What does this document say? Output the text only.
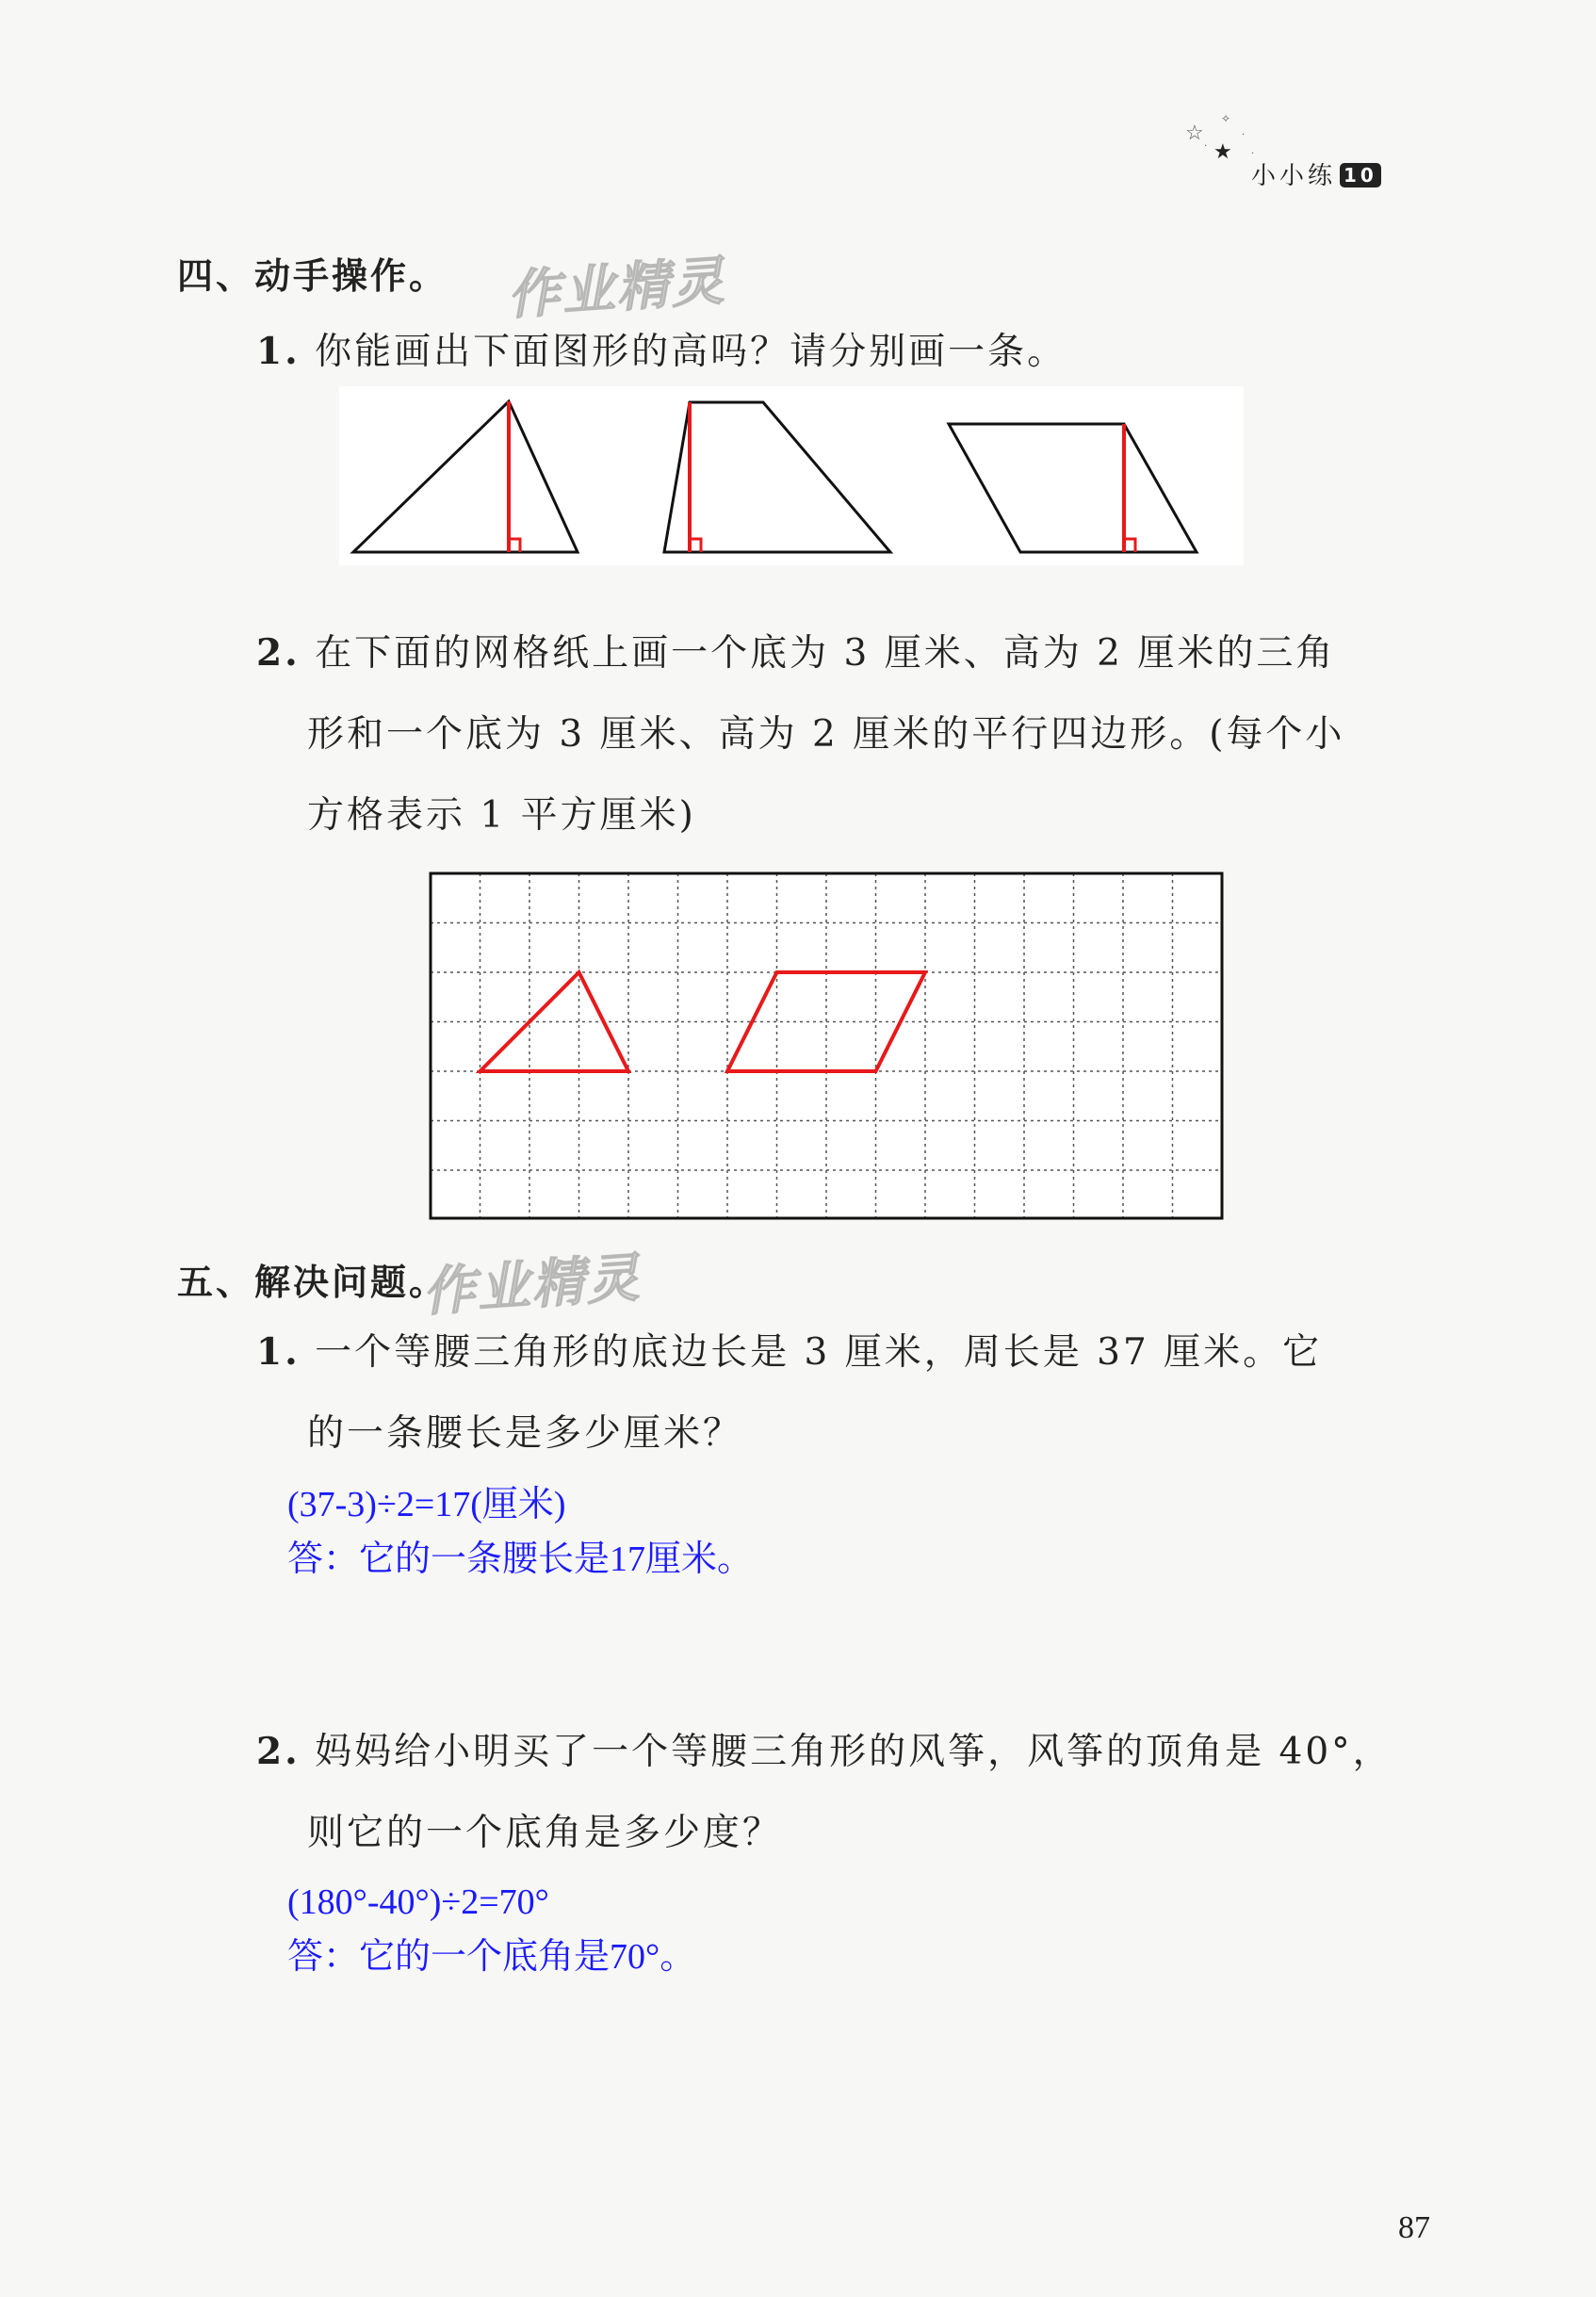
☆
✧
·
★
·
·
小小练 10
四、动手操作。 作业精灵
1. 你能画出下面图形的高吗？请分别画一条。
2. 在下面的网格纸上画一个底为 3 厘米、高为 2 厘米的三角
形和一个底为 3 厘米、高为 2 厘米的平行四边形。(每个小
方格表示 1 平方厘米)
五、解决问题。
作业精灵
1. 一个等腰三角形的底边长是 3 厘米，周长是 37 厘米。它
的一条腰长是多少厘米？
(37-3)÷2=17(厘米)
答：它的一条腰长是17厘米。
2. 妈妈给小明买了一个等腰三角形的风筝，风筝的顶角是 40°，
则它的一个底角是多少度？
(180°-40°)÷2=70°
答：它的一个底角是70°。
87
